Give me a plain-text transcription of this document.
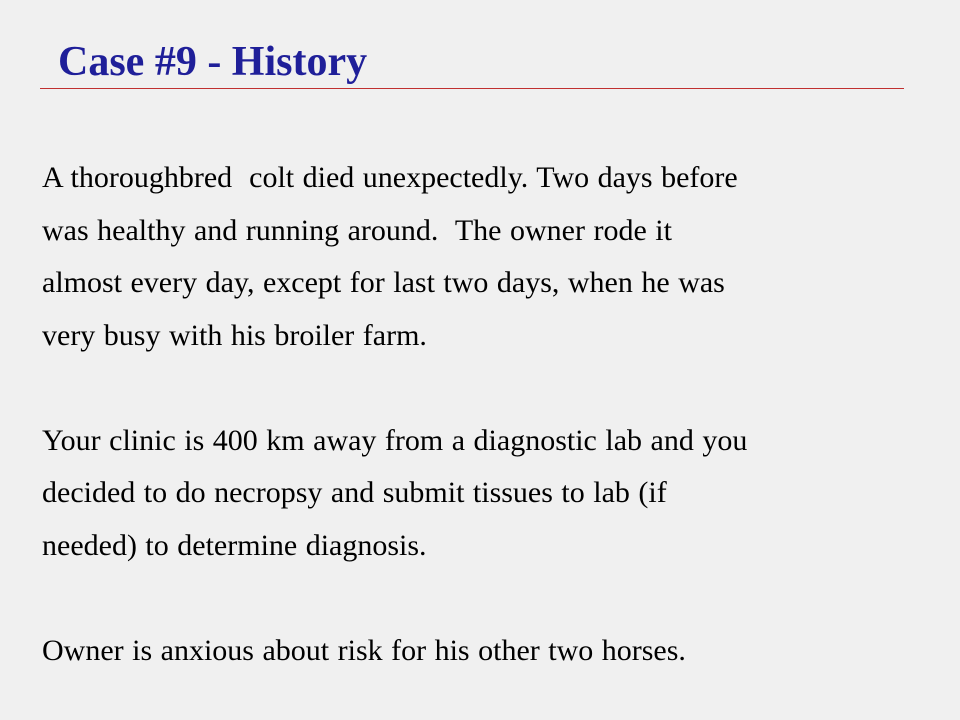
Case #9 - History
A thoroughbred  colt died unexpectedly. Two days before
was healthy and running around.  The owner rode it
almost every day, except for last two days, when he was
very busy with his broiler farm.
Your clinic is 400 km away from a diagnostic lab and you
decided to do necropsy and submit tissues to lab (if
needed) to determine diagnosis.
Owner is anxious about risk for his other two horses.
